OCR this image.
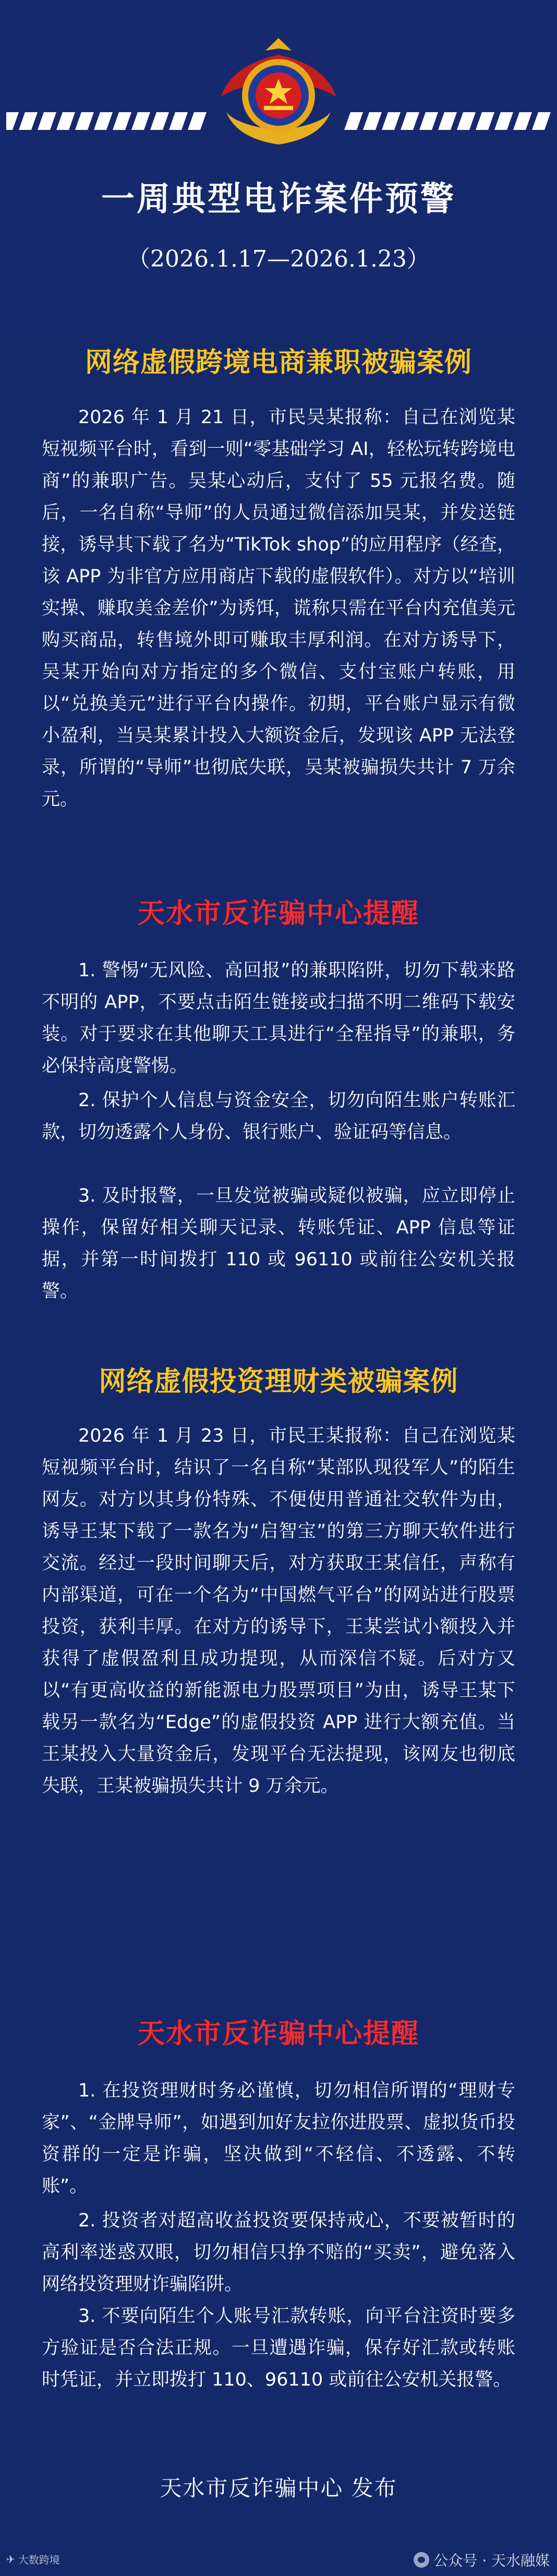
一周典型电诈案件预警
（2026.1.17—2026.1.23）
网络虚假跨境电商兼职被骗案例

2026 年 1 月 21 日，市民吴某报称：自己在浏览某短视频平台时，看到一则“零基础学习 AI，轻松玩转跨境电商”的兼职广告。吴某心动后，支付了 55 元报名费。随后，一名自称“导师”的人员通过微信添加吴某，并发送链接，诱导其下载了名为“TikTok shop”的应用程序（经查，该 APP 为非官方应用商店下载的虚假软件）。对方以“培训实操、赚取美金差价”为诱饵，谎称只需在平台内充值美元购买商品，转售境外即可赚取丰厚利润。在对方诱导下，吴某开始向对方指定的多个微信、支付宝账户转账，用以“兑换美元”进行平台内操作。初期，平台账户显示有微小盈利，当吴某累计投入大额资金后，发现该 APP 无法登录，所谓的“导师”也彻底失联，吴某被骗损失共计 7 万余元。

天水市反诈骗中心提醒

1. 警惕“无风险、高回报”的兼职陷阱，切勿下载来路不明的 APP，不要点击陌生链接或扫描不明二维码下载安装。对于要求在其他聊天工具进行“全程指导”的兼职，务必保持高度警惕。

2. 保护个人信息与资金安全，切勿向陌生账户转账汇款，切勿透露个人身份、银行账户、验证码等信息。

3. 及时报警，一旦发觉被骗或疑似被骗，应立即停止操作，保留好相关聊天记录、转账凭证、APP 信息等证据，并第一时间拨打 110 或 96110 或前往公安机关报警。

网络虚假投资理财类被骗案例

2026 年 1 月 23 日，市民王某报称：自己在浏览某短视频平台时，结识了一名自称“某部队现役军人”的陌生网友。对方以其身份特殊、不便使用普通社交软件为由，诱导王某下载了一款名为“启智宝”的第三方聊天软件进行交流。经过一段时间聊天后，对方获取王某信任，声称有内部渠道，可在一个名为“中国燃气平台”的网站进行股票投资，获利丰厚。在对方的诱导下，王某尝试小额投入并获得了虚假盈利且成功提现，从而深信不疑。后对方又以“有更高收益的新能源电力股票项目”为由，诱导王某下载另一款名为“Edge”的虚假投资 APP 进行大额充值。当王某投入大量资金后，发现平台无法提现，该网友也彻底失联，王某被骗损失共计 9 万余元。

天水市反诈骗中心提醒

1. 在投资理财时务必谨慎，切勿相信所谓的“理财专家”、“金牌导师”，如遇到加好友拉你进股票、虚拟货币投资群的一定是诈骗，坚决做到“不轻信、不透露、不转账”。

2. 投资者对超高收益投资要保持戒心，不要被暂时的高利率迷惑双眼，切勿相信只挣不赔的“买卖”，避免落入网络投资理财诈骗陷阱。

3. 不要向陌生个人账号汇款转账，向平台注资时要多方验证是否合法正规。一旦遭遇诈骗，保存好汇款或转账时凭证，并立即拨打 110、96110 或前往公安机关报警。

天水市反诈骗中心 发布
✈ 大数跨境	公众号 · 天水融媒
